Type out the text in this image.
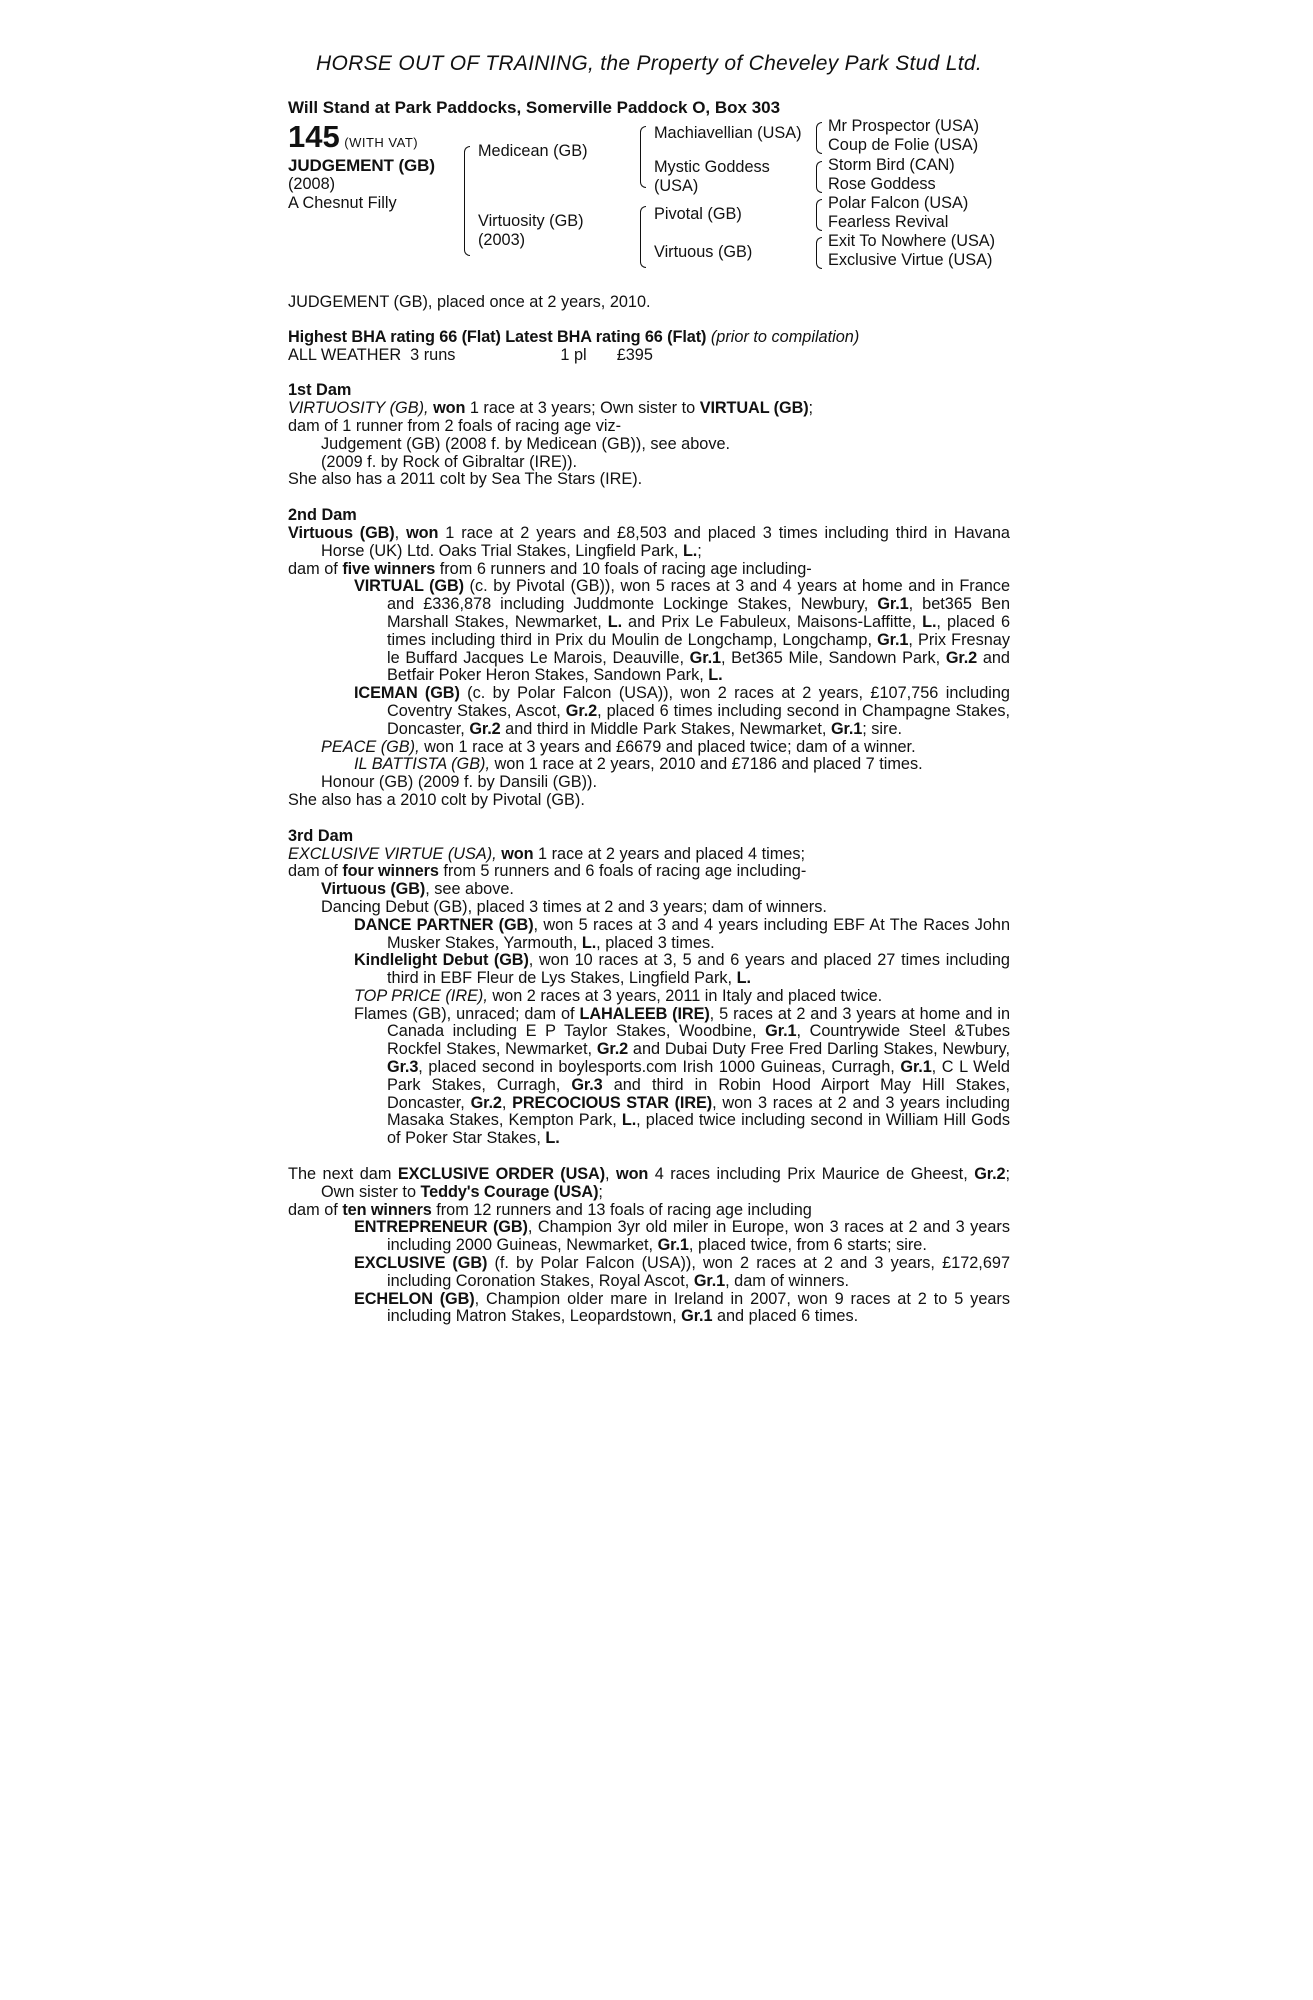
HORSE OUT OF TRAINING, the Property of Cheveley Park Stud Ltd.
Will Stand at Park Paddocks, Somerville Paddock O, Box 303
145 (WITH VAT)
JUDGEMENT (GB)
(2008)
A Chesnut Filly
Medicean (GB)
Virtuosity (GB)
(2003)
Machiavellian (USA)
Mystic Goddess
(USA)
Pivotal (GB)
Virtuous (GB)
Mr Prospector (USA)
Coup de Folie (USA)
Storm Bird (CAN)
Rose Goddess
Polar Falcon (USA)
Fearless Revival
Exit To Nowhere (USA)
Exclusive Virtue (USA)
JUDGEMENT (GB), placed once at 2 years, 2010.
Highest BHA rating 66 (Flat) Latest BHA rating 66 (Flat) (prior to compilation)
ALL WEATHER 3 runs	1 pl £395
1st Dam
VIRTUOSITY (GB), won 1 race at 3 years; Own sister to VIRTUAL (GB);
dam of 1 runner from 2 foals of racing age viz-
Judgement (GB) (2008 f. by Medicean (GB)), see above.
(2009 f. by Rock of Gibraltar (IRE)).
She also has a 2011 colt by Sea The Stars (IRE).
2nd Dam
Virtuous (GB), won 1 race at 2 years and £8,503 and placed 3 times including third in Havana Horse (UK) Ltd. Oaks Trial Stakes, Lingfield Park, L.;
dam of five winners from 6 runners and 10 foals of racing age including-
VIRTUAL (GB) (c. by Pivotal (GB)), won 5 races at 3 and 4 years at home and in France and £336,878 including Juddmonte Lockinge Stakes, Newbury, Gr.1, bet365 Ben Marshall Stakes, Newmarket, L. and Prix Le Fabuleux, Maisons-Laffitte, L., placed 6 times including third in Prix du Moulin de Longchamp, Longchamp, Gr.1, Prix Fresnay le Buffard Jacques Le Marois, Deauville, Gr.1, Bet365 Mile, Sandown Park, Gr.2 and Betfair Poker Heron Stakes, Sandown Park, L.
ICEMAN (GB) (c. by Polar Falcon (USA)), won 2 races at 2 years, £107,756 including Coventry Stakes, Ascot, Gr.2, placed 6 times including second in Champagne Stakes, Doncaster, Gr.2 and third in Middle Park Stakes, Newmarket, Gr.1; sire.
PEACE (GB), won 1 race at 3 years and £6679 and placed twice; dam of a winner.
IL BATTISTA (GB), won 1 race at 2 years, 2010 and £7186 and placed 7 times.
Honour (GB) (2009 f. by Dansili (GB)).
She also has a 2010 colt by Pivotal (GB).
3rd Dam
EXCLUSIVE VIRTUE (USA), won 1 race at 2 years and placed 4 times;
dam of four winners from 5 runners and 6 foals of racing age including-
Virtuous (GB), see above.
Dancing Debut (GB), placed 3 times at 2 and 3 years; dam of winners.
DANCE PARTNER (GB), won 5 races at 3 and 4 years including EBF At The Races John Musker Stakes, Yarmouth, L., placed 3 times.
Kindlelight Debut (GB), won 10 races at 3, 5 and 6 years and placed 27 times including third in EBF Fleur de Lys Stakes, Lingfield Park, L.
TOP PRICE (IRE), won 2 races at 3 years, 2011 in Italy and placed twice.
Flames (GB), unraced; dam of LAHALEEB (IRE), 5 races at 2 and 3 years at home and in Canada including E P Taylor Stakes, Woodbine, Gr.1, Countrywide Steel &Tubes Rockfel Stakes, Newmarket, Gr.2 and Dubai Duty Free Fred Darling Stakes, Newbury, Gr.3, placed second in boylesports.com Irish 1000 Guineas, Curragh, Gr.1, C L Weld Park Stakes, Curragh, Gr.3 and third in Robin Hood Airport May Hill Stakes, Doncaster, Gr.2, PRECOCIOUS STAR (IRE), won 3 races at 2 and 3 years including Masaka Stakes, Kempton Park, L., placed twice including second in William Hill Gods of Poker Star Stakes, L.
The next dam EXCLUSIVE ORDER (USA), won 4 races including Prix Maurice de Gheest, Gr.2; Own sister to Teddy's Courage (USA);
dam of ten winners from 12 runners and 13 foals of racing age including
ENTREPRENEUR (GB), Champion 3yr old miler in Europe, won 3 races at 2 and 3 years including 2000 Guineas, Newmarket, Gr.1, placed twice, from 6 starts; sire.
EXCLUSIVE (GB) (f. by Polar Falcon (USA)), won 2 races at 2 and 3 years, £172,697 including Coronation Stakes, Royal Ascot, Gr.1, dam of winners.
ECHELON (GB), Champion older mare in Ireland in 2007, won 9 races at 2 to 5 years including Matron Stakes, Leopardstown, Gr.1 and placed 6 times.
